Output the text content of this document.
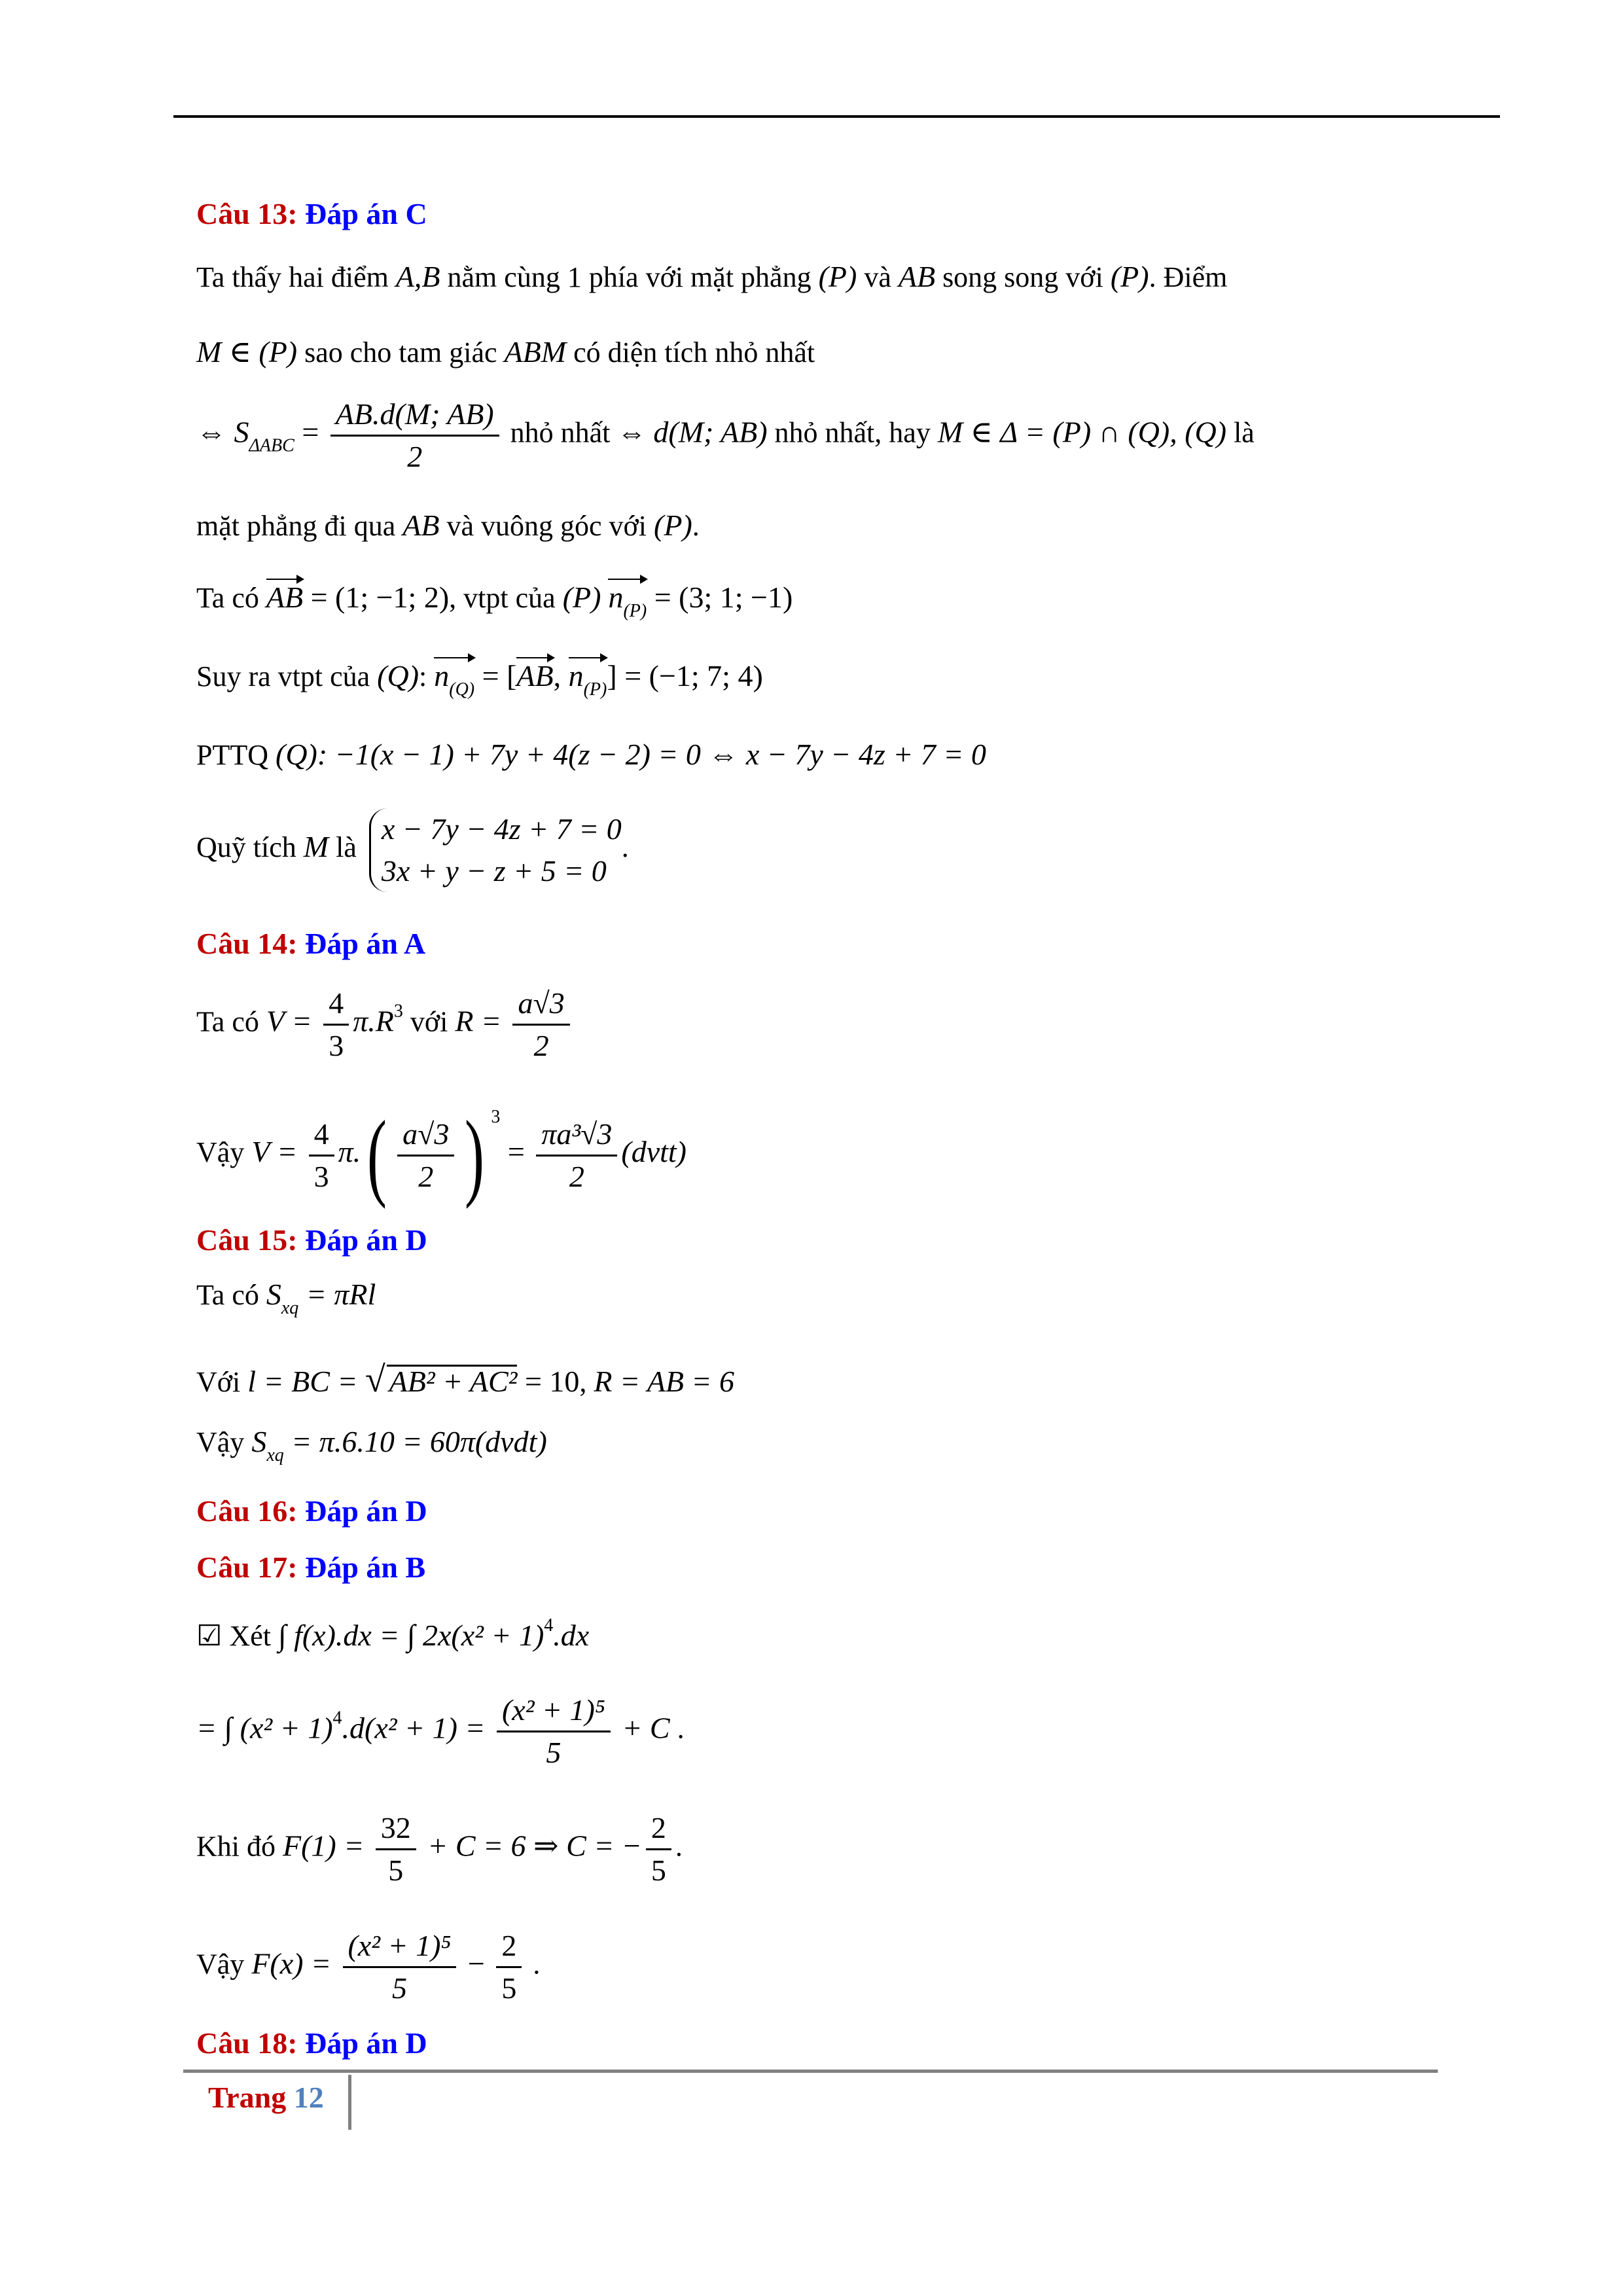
Câu 13: Đáp án C
Ta thấy hai điểm A,B nằm cùng 1 phía với mặt phẳng (P) và AB song song với (P). Điểm
M ∈ (P) sao cho tam giác ABM có diện tích nhỏ nhất
⇔ $S_{\Delta ABC} = \frac{AB.d(M; AB)}{2}$ nhỏ nhất ⇔ d(M; AB) nhỏ nhất, hay M ∈ Δ = (P) ∩ (Q), (Q) là
mặt phẳng đi qua AB và vuông góc với (P).
Ta có AB = (1; −1; 2), vtpt của (P) $n_{(P)} = (3$; 1; −1)
Suy ra vtpt của (Q): $n_{(Q)} = [AB$, $n_{(P)}] = (-1$; 7; 4)
PTTQ (Q): −1(x − 1) + 7y + 4(z − 2) = 0 ⇔ x − 7y − 4z + 7 = 0
Quỹ tích M là
x − 7y − 4z + 7 = 0
3x + y − z + 5 = 0
.
Câu 14: Đáp án A
Ta có $V = \frac{4}{3} \pi.R^3$ với $R = \frac{a√3}{2}$
Vậy $V = \frac{4}{3} \pi.( \frac{a√3}{2}$ ) $^3 = \frac{\text{πa³√3}}{2}$ (dvtt)
Câu 15: Đáp án D
Ta có $S_{xq} = \pi Rl$
Với l = BC = √ AB² + AC² = 10, R = AB = 6
Vậy $S_{xq} = \pi.6.10$ = 60π(dvdt)
Câu 16: Đáp án D
Câu 17: Đáp án B
☑ Xét ∫ f(x).dx = ∫ $2x(x^2 + 1)^4.dx$
= ∫ $(x^2 + 1)^4.d(x^2 + 1) = \frac{\text{(x² + 1)⁵}}{5} + C$ .
Khi đó $F(1) = \frac{32}{5} + C = 6$ ⇒ C = − $\frac{2}{5}$ .
Vậy $F(x) = \frac{\text{(x² + 1)⁵}}{5} - \frac{2}{5}$ .
Câu 18: Đáp án D
Trang 12
